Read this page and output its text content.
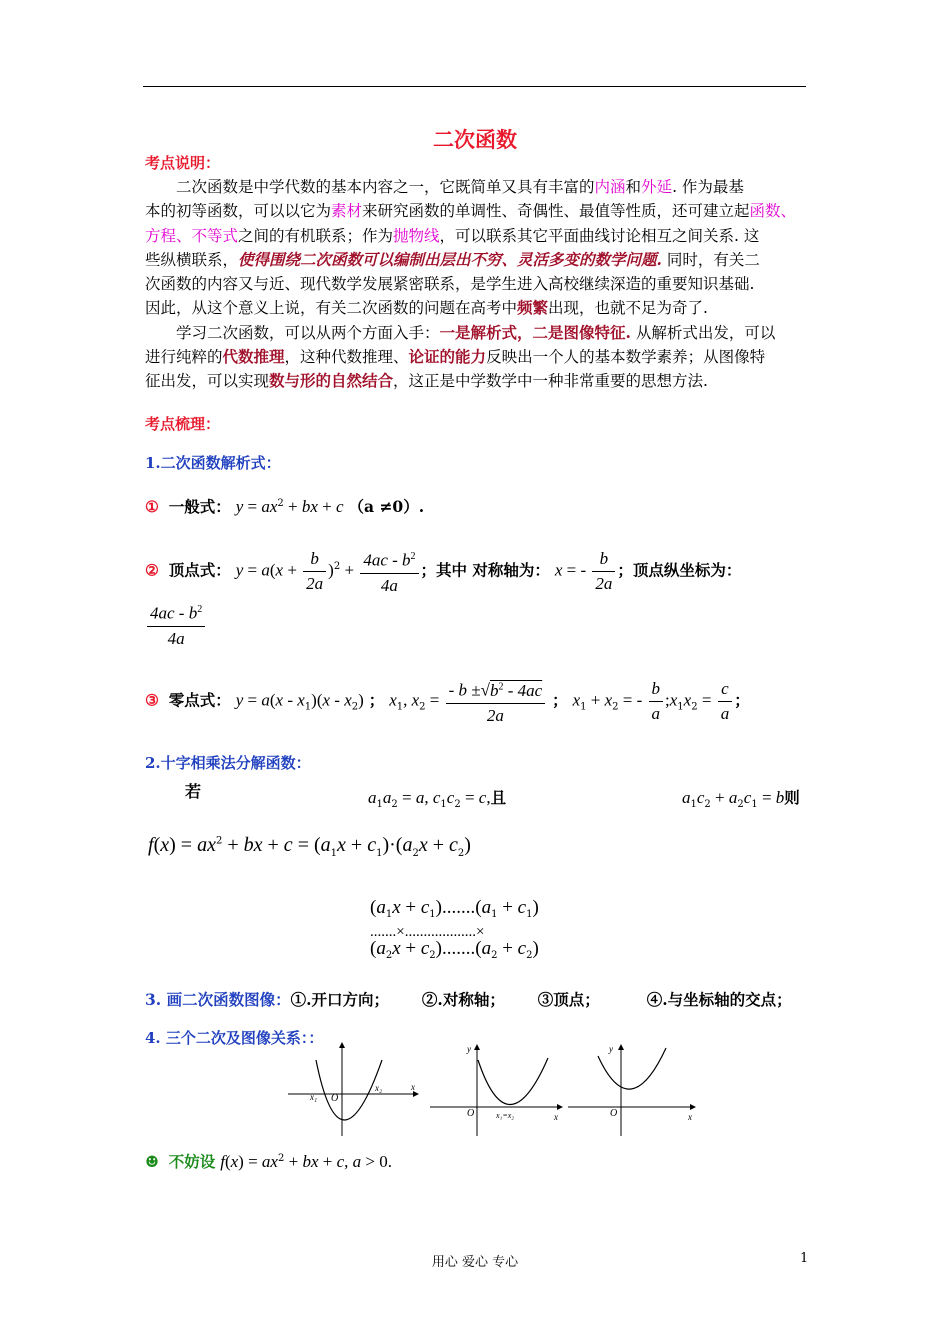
二次函数
考点说明：
二次函数是中学代数的基本内容之一，它既简单又具有丰富的内涵和外延. 作为最基
本的初等函数，可以以它为素材来研究函数的单调性、奇偶性、最值等性质，还可建立起函数、
方程、不等式之间的有机联系；作为抛物线，可以联系其它平面曲线讨论相互之间关系. 这
些纵横联系，使得围绕二次函数可以编制出层出不穷、灵活多变的数学问题. 同时，有关二
次函数的内容又与近、现代数学发展紧密联系，是学生进入高校继续深造的重要知识基础.
因此，从这个意义上说，有关二次函数的问题在高考中频繁出现，也就不足为奇了.
学习二次函数，可以从两个方面入手：一是解析式，二是图像特征. 从解析式出发，可以
进行纯粹的代数推理，这种代数推理、论证的能力反映出一个人的基本数学素养；从图像特
征出发，可以实现数与形的自然结合，这正是中学数学中一种非常重要的思想方法.
考点梳理：
1.二次函数解析式：
① 一般式： $y = ax^2$ + bx + c （a ≠0）.
② 顶点式： $y = a(x + \frac{b}{2a} )^2 + \frac{4ac - b^2}{4a}$ ；其中 对称轴为： x = - $\frac{b}{2a}$ ；顶点纵坐标为：
$\frac{4ac - b^2}{4a}$
③ 零点式： $y = a(x - x_1)(x - x_2)$ ； $x_1$, $x_2 = \frac{- b \pm√b^2 - 4ac}{2a}$ ； $x_1 + x_2$ = - $\frac{b}{a}$ $;x_1x_2 = \frac{c}{a}$ ；
2.十字相乘法分解函数：
若	$a_1a_2 = a$, $c_1c_2 = c$,且	$a_1c_2 + a_2c_1 = b$则
$f(x) = ax^2$ + bx + $c = (a_1x + c_1)\cdot(a_2x + c_2)$
$(a_1x + c_1).......(a_1 + c_1)$
.......×...................×
$(a_2x + c_2).......(a_2 + c_2)$
3. 画二次函数图像：①.开口方向； ②.对称轴； ③顶点；	④.与坐标轴的交点；
4. 三个二次及图像关系：：
x₁ O
x₂	x
y
O	x₁=x₂	x
y
O	x
☻ 不妨设 $f(x) = ax^2$ + bx + c, a > 0.
用心 爱心 专心	1
